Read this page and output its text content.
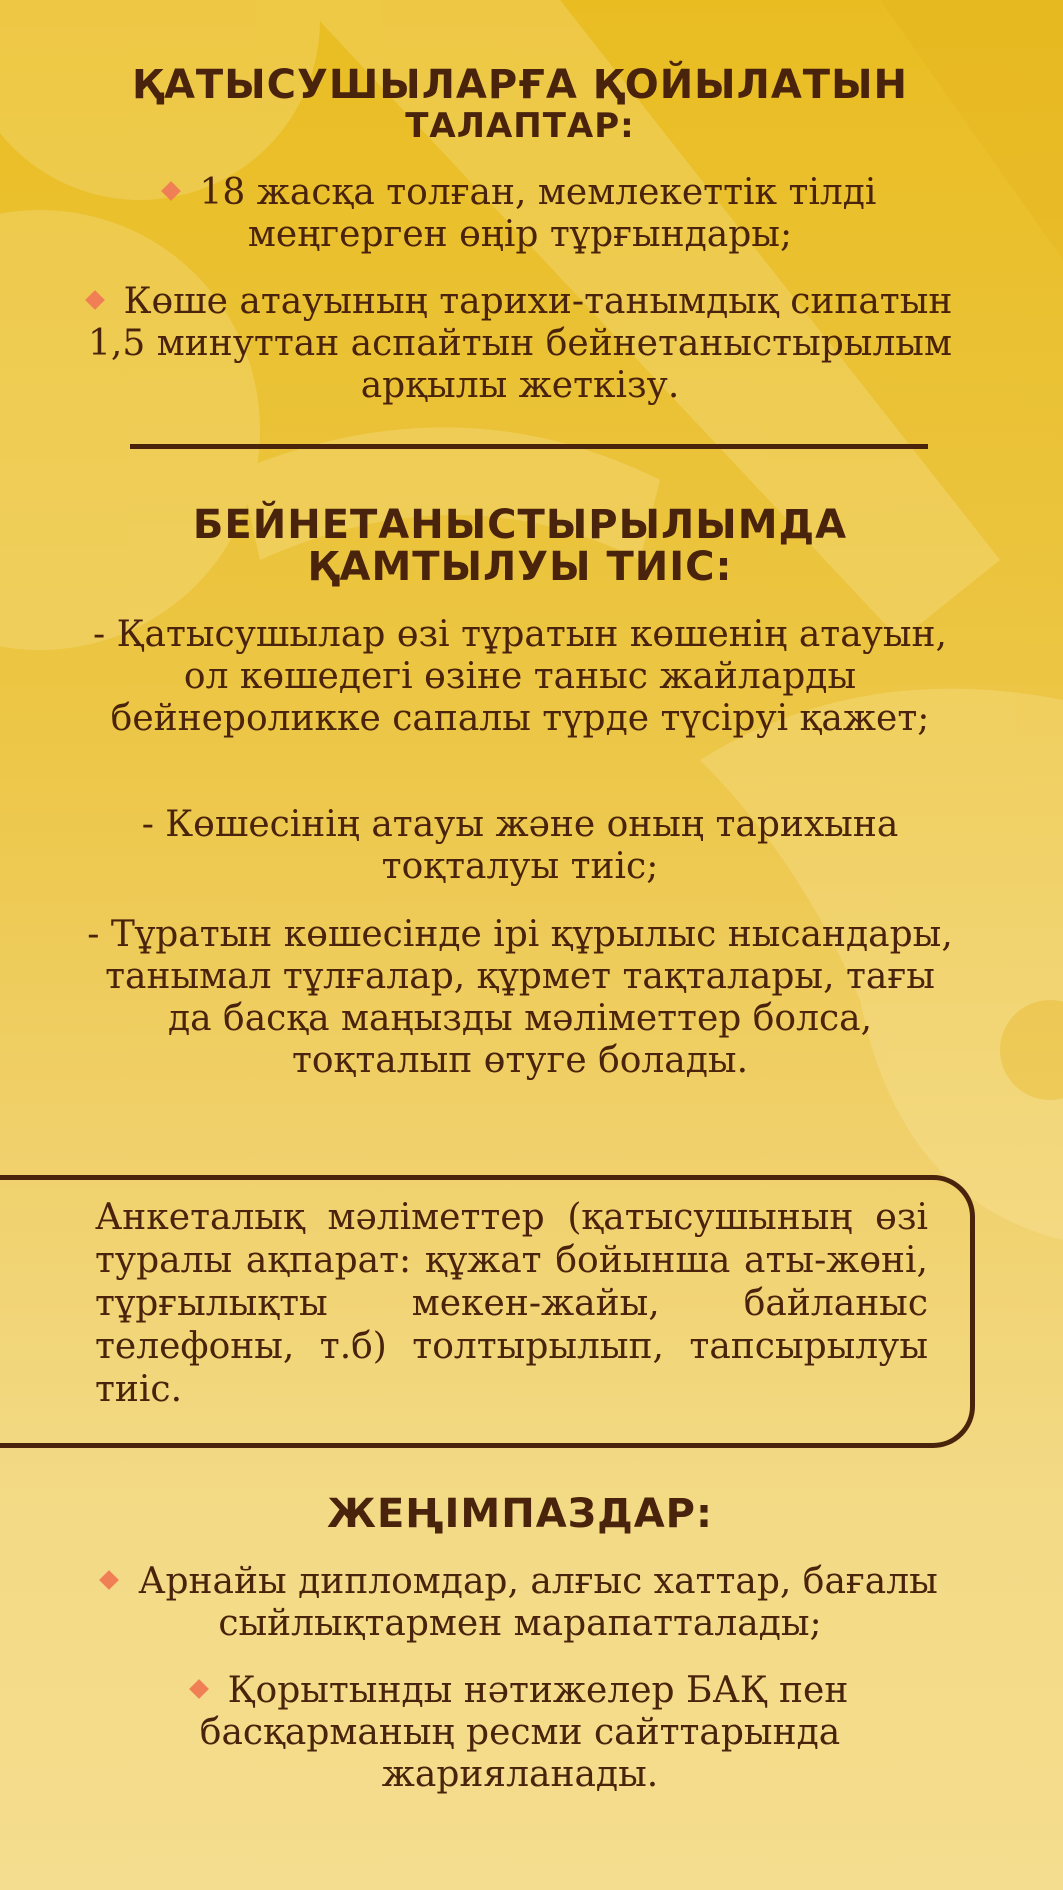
ҚАТЫСУШЫЛАРҒА ҚОЙЫЛАТЫН
ТАЛАПТАР:

18 жасқа толған, мемлекеттік тілді меңгерген өңір тұрғындары;

Көше атауының тарихи-танымдық сипатын 1,5 минуттан аспайтын бейнетаныстырылым арқылы жеткізу.

БЕЙНЕТАНЫСТЫРЫЛЫМДА
ҚАМТЫЛУЫ ТИІС:

- Қатысушылар өзі тұратын көшенің атауын, ол көшедегі өзіне таныс жайларды бейнероликке сапалы түрде түсіруі қажет;

- Көшесінің атауы және оның тарихына тоқталуы тиіс;

- Тұратын көшесінде ірі құрылыс нысандары, танымал тұлғалар, құрмет тақталары, тағы да басқа маңызды мәліметтер болса, тоқталып өтуге болады.

Анкеталық мәліметтер (қатысушының өзі туралы ақпарат: құжат бойынша аты-жөні, тұрғылықты мекен-жайы, байланыс телефоны, т.б) толтырылып, тапсырылуы тиіс.

ЖЕҢІМПАЗДАР:

Арнайы дипломдар, алғыс хаттар, бағалы сыйлықтармен марапатталады;

Қорытынды нәтижелер БАҚ пен басқарманың ресми сайттарында жарияланады.
